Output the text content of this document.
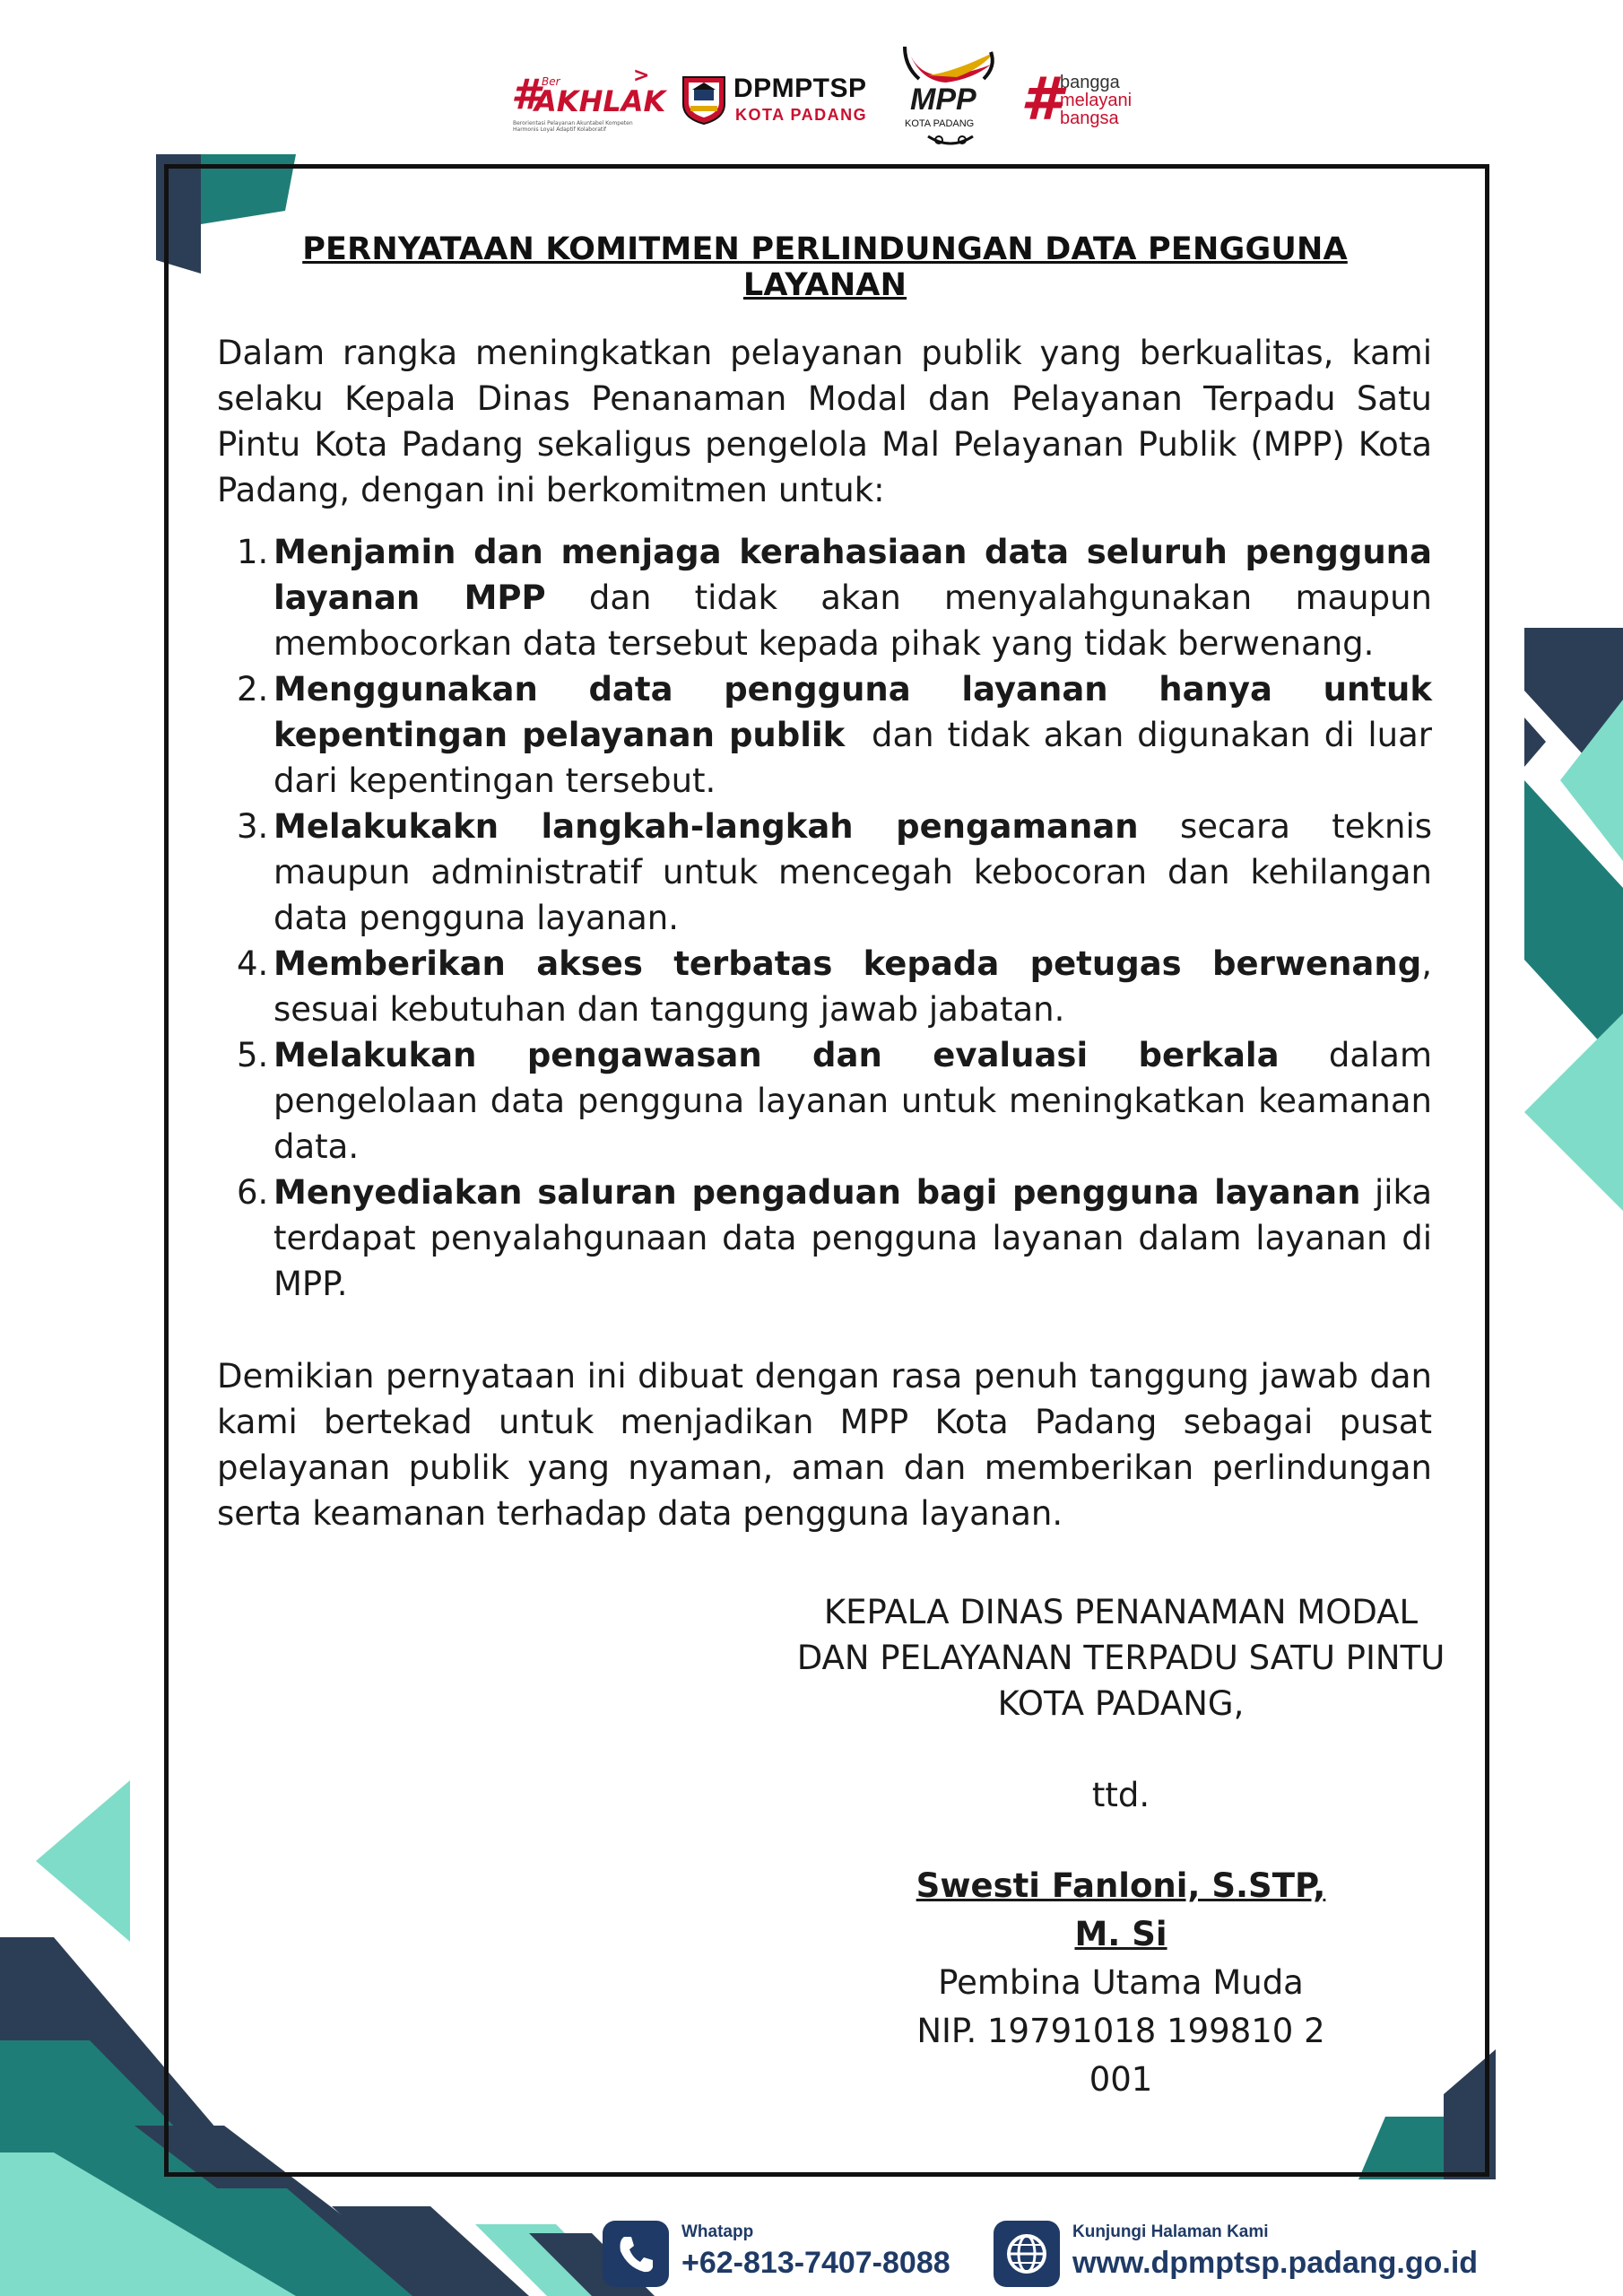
# Ber
AKHLAK
>
Berorientasi Pelayanan Akuntabel Kompeten Harmonis Loyal Adaptif Kolaboratif
DPMPTSP
KOTA PADANG MPP
KOTA PADANG #
bangga
melayani
bangsa
PERNYATAAN KOMITMEN PERLINDUNGAN DATA PENGGUNA LAYANAN

Dalam rangka meningkatkan pelayanan publik yang berkualitas, kami selaku Kepala Dinas Penanaman Modal dan Pelayanan Terpadu Satu Pintu Kota Padang sekaligus pengelola Mal Pelayanan Publik (MPP) Kota Padang, dengan ini berkomitmen untuk:

1. Menjamin dan menjaga kerahasiaan data seluruh pengguna layanan MPP dan tidak akan menyalahgunakan maupun membocorkan data tersebut kepada pihak yang tidak berwenang.
2. Menggunakan data pengguna layanan hanya untuk kepentingan pelayanan publik  dan tidak akan digunakan di luar dari kepentingan tersebut.
3. Melakukakn langkah-langkah pengamanan secara teknis maupun administratif untuk mencegah kebocoran dan kehilangan data pengguna layanan.
4. Memberikan akses terbatas kepada petugas berwenang, sesuai kebutuhan dan tanggung jawab jabatan.
5. Melakukan pengawasan dan evaluasi berkala dalam pengelolaan data pengguna layanan untuk meningkatkan keamanan data.
6. Menyediakan saluran pengaduan bagi pengguna layanan jika terdapat penyalahgunaan data pengguna layanan dalam layanan di MPP.

Demikian pernyataan ini dibuat dengan rasa penuh tanggung jawab dan kami bertekad untuk menjadikan MPP Kota Padang sebagai pusat pelayanan publik yang nyaman, aman dan memberikan perlindungan serta keamanan terhadap data pengguna layanan.

KEPALA DINAS PENANAMAN MODAL
DAN PELAYANAN TERPADU SATU PINTU
KOTA PADANG,
ttd.
Swesti Fanloni, S.STP, M. Si
Pembina Utama Muda
NIP. 19791018 199810 2 001
Whatapp
+62-813-7407-8088
Kunjungi Halaman Kami
www.dpmptsp.padang.go.id
